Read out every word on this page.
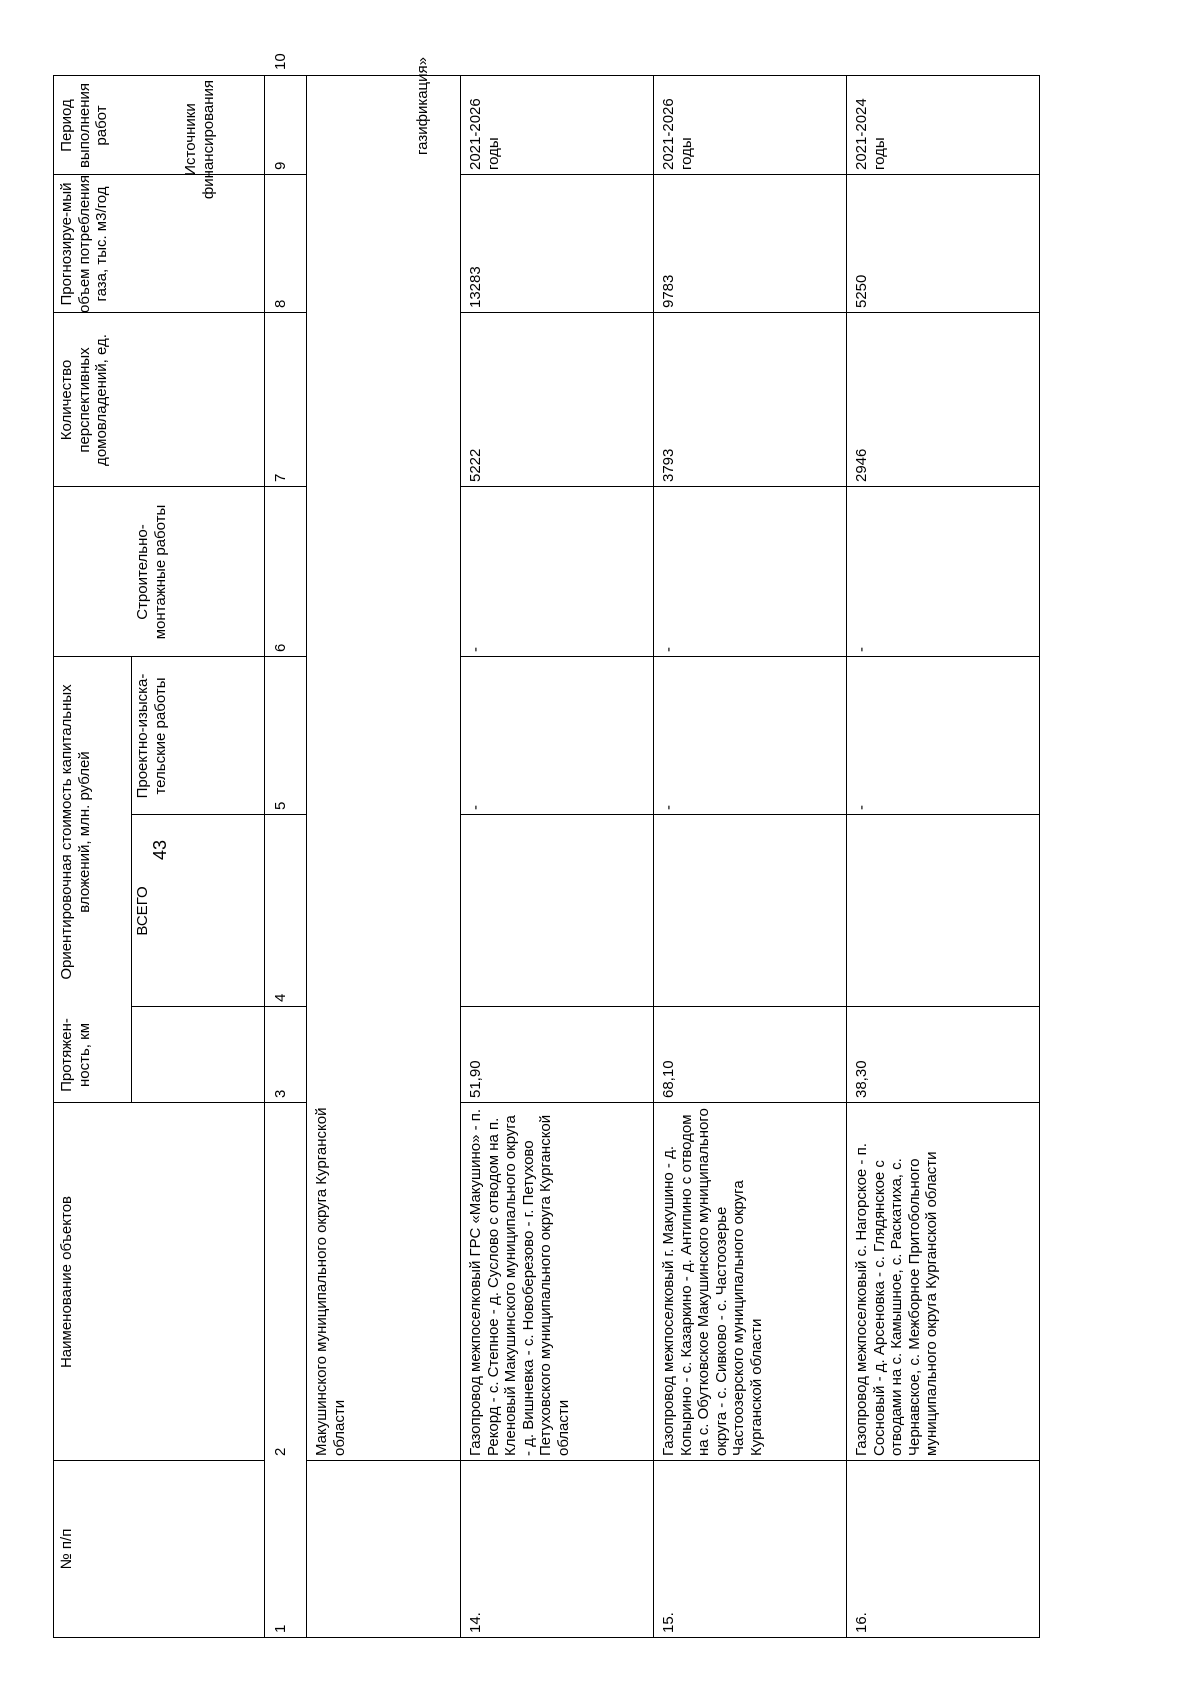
43
№ п/п
Наименование объектов
Протяжен-ность, км
Ориентировочная стоимость капитальных вложений, млн. рублей	ВСЕГО
Проектно-изыска-тельские работы
Строительно-монтажные работы
Количество перспективных домовладений, ед.
Прогнозируе-мый объем потребления газа, тыс. м3/год
Период выполнения работ
1
2
3
4
5
6
7
8
9
10
Макушинского муниципального округа Курганской области
14.
Газопровод межпоселковый ГРС «Макушино» - п. Рекорд - с. Степное - д. Суслово с отводом на п. Кленовый Макушинского муниципального округа - д. Вишневка - с. Новоберезово - г. Петухово Петуховского муниципального округа Курганской области
51,90
-
-
5222
13283
2021-2026 годы
15.
Газопровод межпоселковый г. Макушино - д. Копырино - с. Казаркино - д. Антипино с отводом на с. Обутковское Макушинского муниципального округа - с. Сивково - с. Частоозерье Частоозерского муниципального округа Курганской области
68,10
-
-
3793
9783
2021-2026 годы
16.
Газопровод межпоселковый с. Нагорское - п. Сосновый - д. Арсеновка - с. Глядянское с отводами на с. Камышное, с. Раскатиха, с. Чернавское, с. Межборное Притобольного муниципального округа Курганской области
38,30
-
-
2946
5250
2021-2024 годы
Источники финансирования	газификация»
